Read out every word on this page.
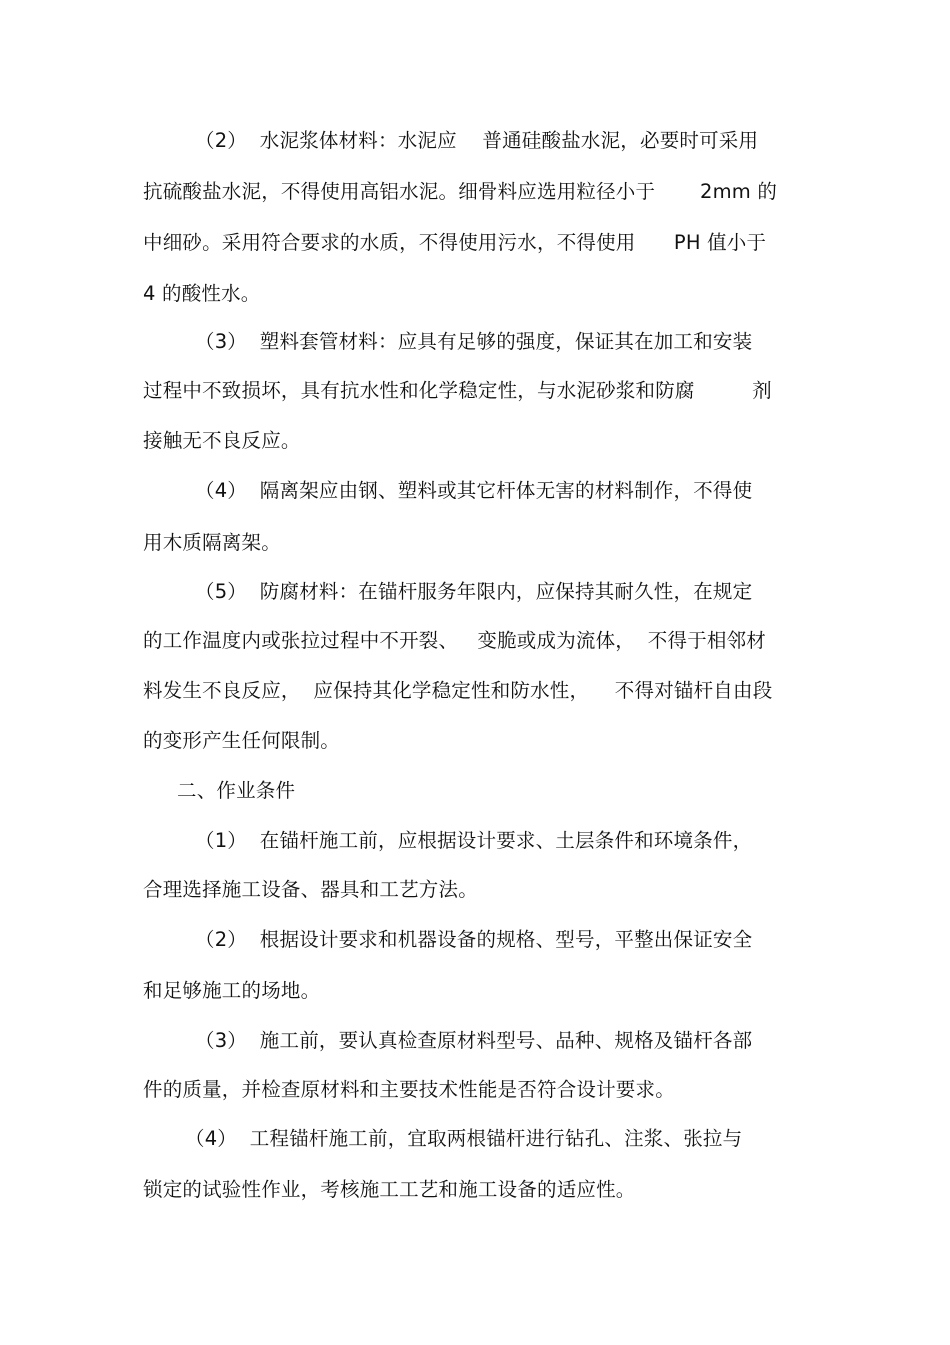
（2）  水泥浆体材料：水泥应    普通硅酸盐水泥，必要时可采用
抗硫酸盐水泥，不得使用高铝水泥。细骨料应选用粒径小于       2mm 的
中细砂。采用符合要求的水质，不得使用污水，不得使用      PH 值小于
4 的酸性水。
（3）  塑料套管材料：应具有足够的强度，保证其在加工和安装
过程中不致损坏，具有抗水性和化学稳定性，与水泥砂浆和防腐         剂
接触无不良反应。
（4）  隔离架应由钢、塑料或其它杆体无害的材料制作，不得使
用木质隔离架。
（5）  防腐材料：在锚杆服务年限内，应保持其耐久性，在规定
的工作温度内或张拉过程中不开裂、   变脆或成为流体，  不得于相邻材
料发生不良反应，  应保持其化学稳定性和防水性，    不得对锚杆自由段
的变形产生任何限制。
二、作业条件
（1）  在锚杆施工前，应根据设计要求、土层条件和环境条件，
合理选择施工设备、器具和工艺方法。
（2）  根据设计要求和机器设备的规格、型号，平整出保证安全
和足够施工的场地。
（3）  施工前，要认真检查原材料型号、品种、规格及锚杆各部
件的质量，并检查原材料和主要技术性能是否符合设计要求。
（4）  工程锚杆施工前，宜取两根锚杆进行钻孔、注浆、张拉与
锁定的试验性作业，考核施工工艺和施工设备的适应性。
